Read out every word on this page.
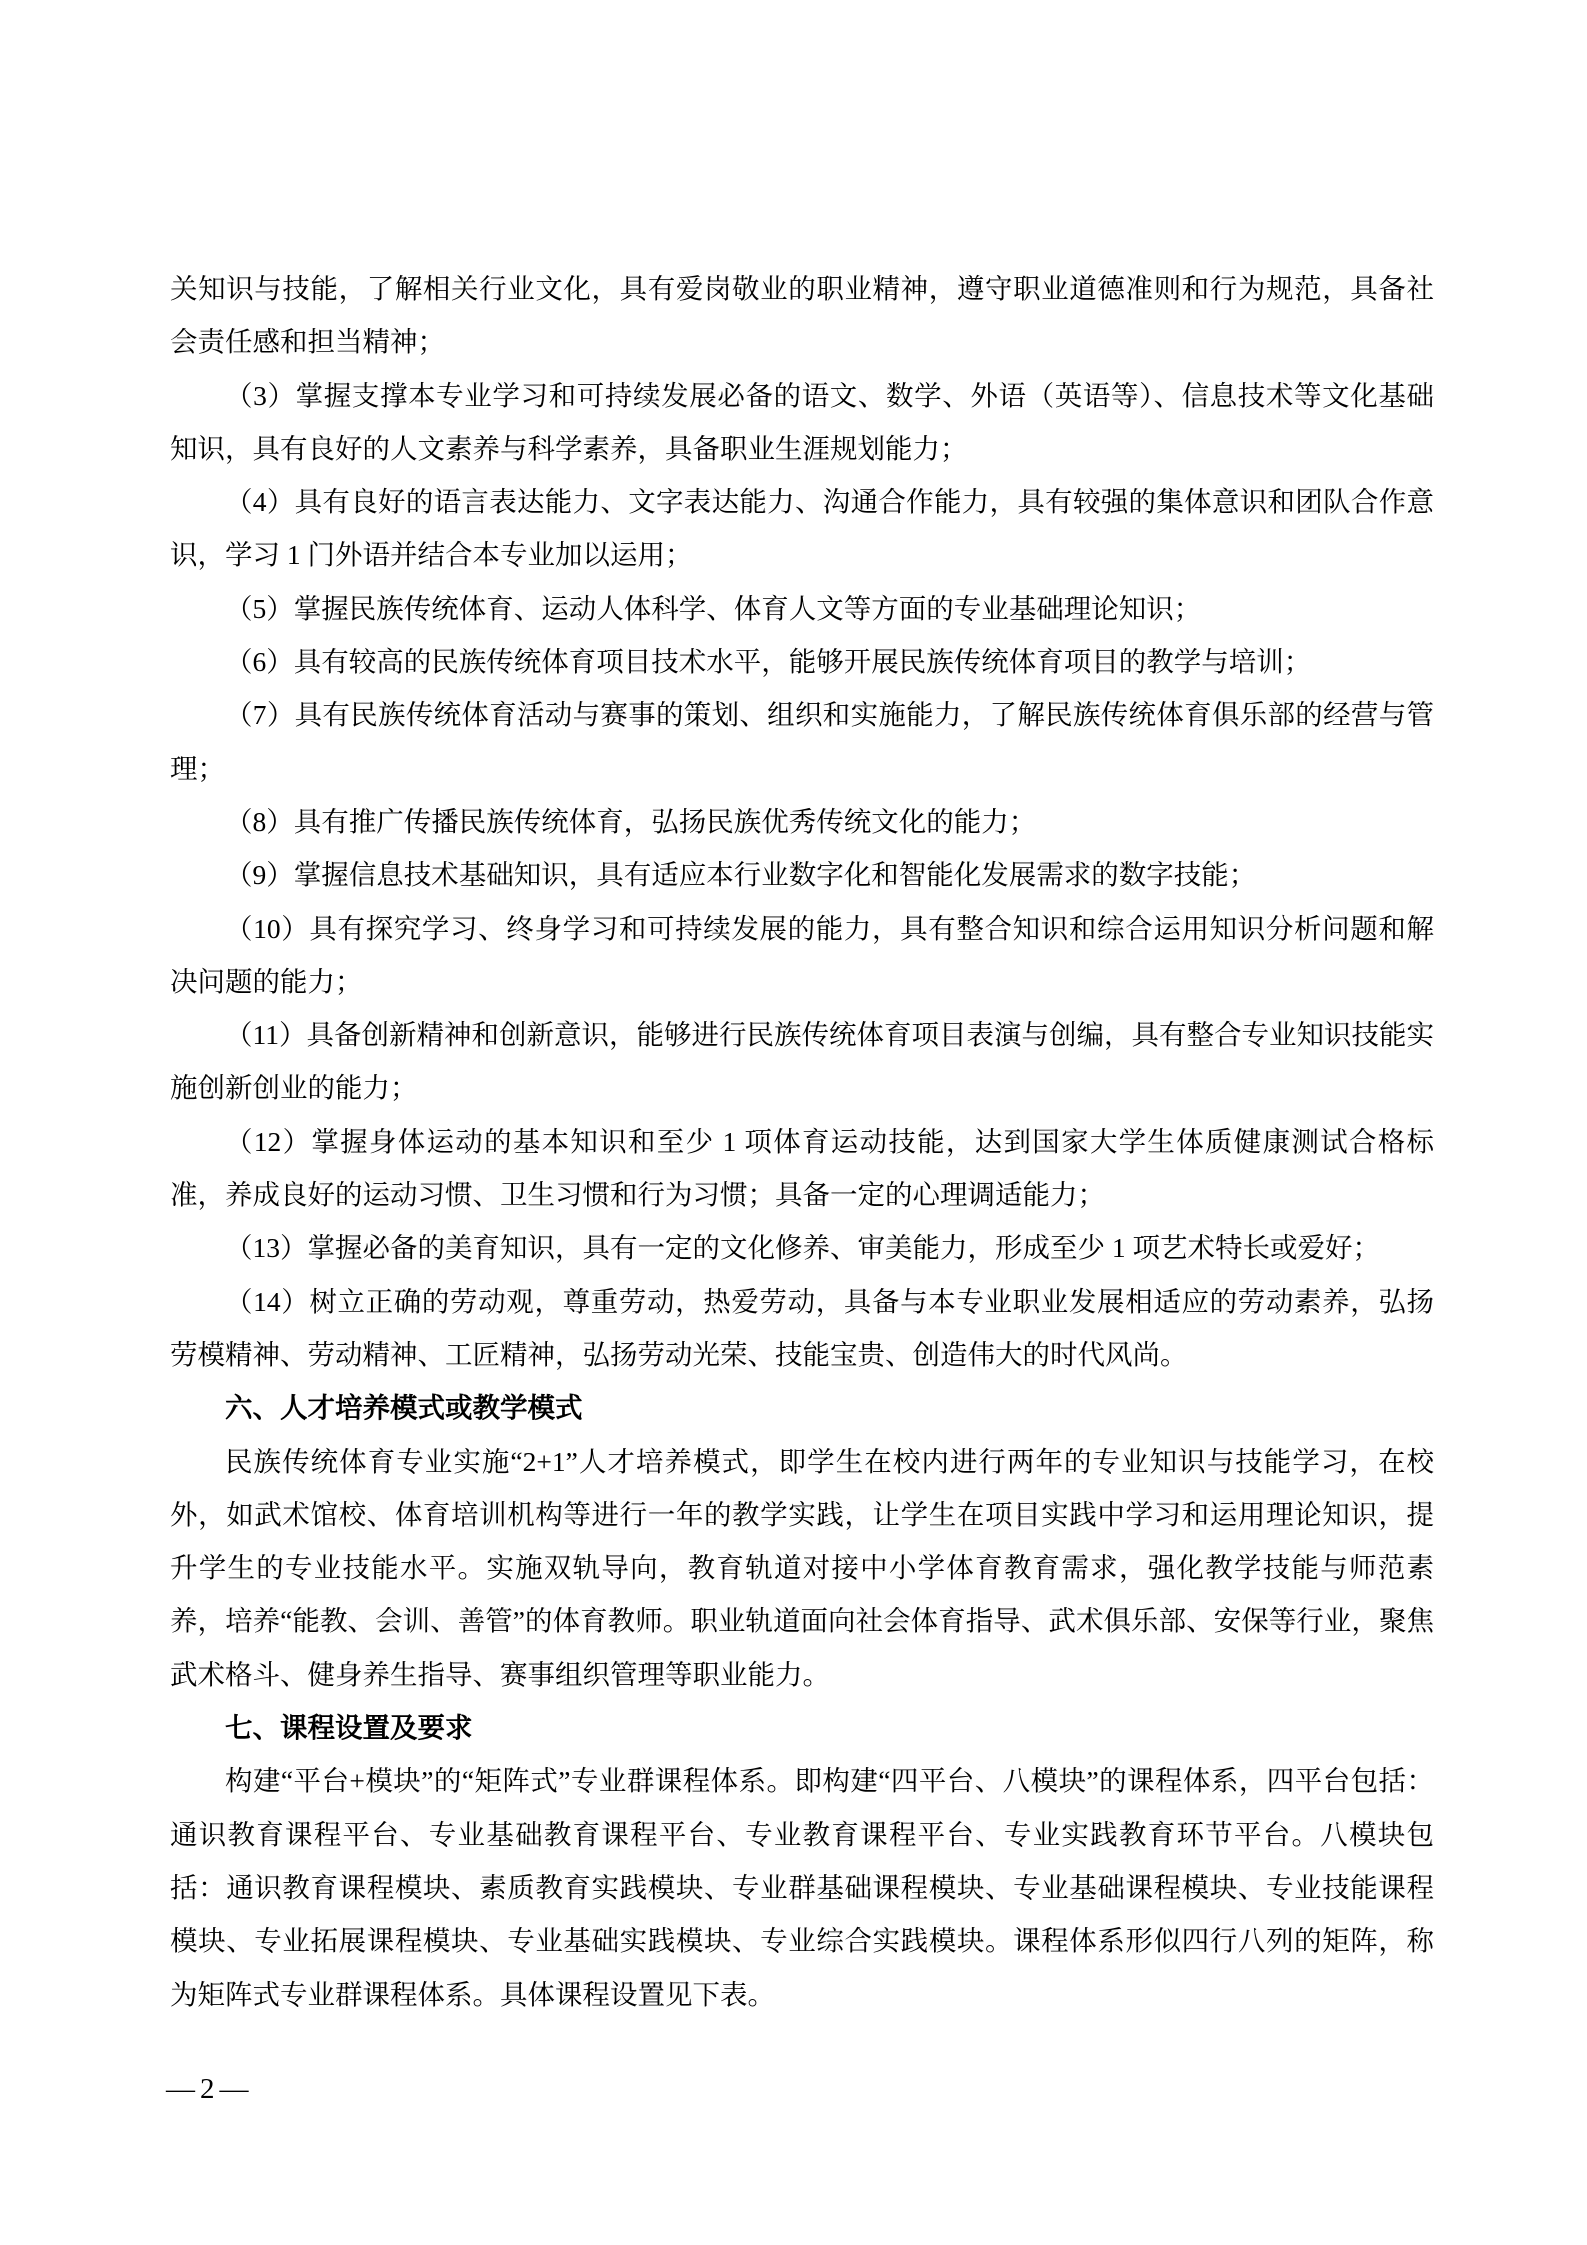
关知识与技能，了解相关行业文化，具有爱岗敬业的职业精神，遵守职业道德准则和行为规范，具备社会责任感和担当精神；

（3）掌握支撑本专业学习和可持续发展必备的语文、数学、外语（英语等）、信息技术等文化基础知识，具有良好的人文素养与科学素养，具备职业生涯规划能力；

（4）具有良好的语言表达能力、文字表达能力、沟通合作能力，具有较强的集体意识和团队合作意识，学习 1 门外语并结合本专业加以运用；

（5）掌握民族传统体育、运动人体科学、体育人文等方面的专业基础理论知识；

（6）具有较高的民族传统体育项目技术水平，能够开展民族传统体育项目的教学与培训；

（7）具有民族传统体育活动与赛事的策划、组织和实施能力，了解民族传统体育俱乐部的经营与管理；

（8）具有推广传播民族传统体育，弘扬民族优秀传统文化的能力；

（9）掌握信息技术基础知识，具有适应本行业数字化和智能化发展需求的数字技能；

（10）具有探究学习、终身学习和可持续发展的能力，具有整合知识和综合运用知识分析问题和解决问题的能力；

（11）具备创新精神和创新意识，能够进行民族传统体育项目表演与创编，具有整合专业知识技能实施创新创业的能力；

（12）掌握身体运动的基本知识和至少 1 项体育运动技能，达到国家大学生体质健康测试合格标准，养成良好的运动习惯、卫生习惯和行为习惯；具备一定的心理调适能力；

（13）掌握必备的美育知识，具有一定的文化修养、审美能力，形成至少 1 项艺术特长或爱好；

（14）树立正确的劳动观，尊重劳动，热爱劳动，具备与本专业职业发展相适应的劳动素养，弘扬劳模精神、劳动精神、工匠精神，弘扬劳动光荣、技能宝贵、创造伟大的时代风尚。

六、人才培养模式或教学模式

民族传统体育专业实施“2+1”人才培养模式，即学生在校内进行两年的专业知识与技能学习，在校外，如武术馆校、体育培训机构等进行一年的教学实践，让学生在项目实践中学习和运用理论知识，提升学生的专业技能水平。实施双轨导向，教育轨道对接中小学体育教育需求，强化教学技能与师范素养，培养“能教、会训、善管”的体育教师。职业轨道面向社会体育指导、武术俱乐部、安保等行业，聚焦武术格斗、健身养生指导、赛事组织管理等职业能力。

七、课程设置及要求

构建“平台+模块”的“矩阵式”专业群课程体系。即构建“四平台、八模块”的课程体系，四平台包括：通识教育课程平台、专业基础教育课程平台、专业教育课程平台、专业实践教育环节平台。八模块包括：通识教育课程模块、素质教育实践模块、专业群基础课程模块、专业基础课程模块、专业技能课程模块、专业拓展课程模块、专业基础实践模块、专业综合实践模块。课程体系形似四行八列的矩阵，称为矩阵式专业群课程体系。具体课程设置见下表。

—2—
